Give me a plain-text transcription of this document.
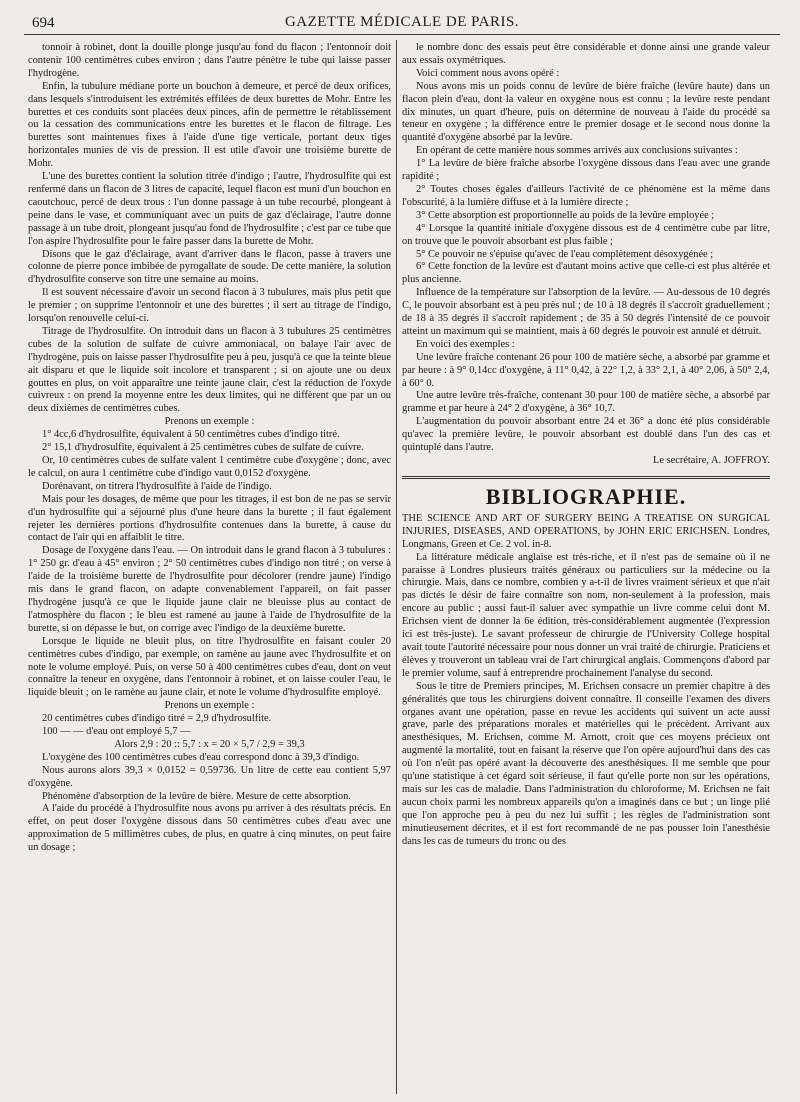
694	GAZETTE MÉDICALE DE PARIS.

tonnoir à robinet, dont la douille plonge jusqu'au fond du flacon ; l'entonnoir doit contenir 100 centimètres cubes environ ; dans l'autre pénètre le tube qui laisse passer l'hydrogène.

Enfin, la tubulure médiane porte un bouchon à demeure, et percé de deux orifices, dans lesquels s'introduisent les extrémités effilées de deux burettes de Mohr. Entre les burettes et ces conduits sont placées deux pinces, afin de permettre le rétablissement ou la cessation des communications entre les burettes et le flacon de filtrage. Les burettes sont maintenues fixes à l'aide d'une tige verticale, portant deux tiges horizontales munies de vis de pression. Il est utile d'avoir une troisième burette de Mohr.

L'une des burettes contient la solution titrée d'indigo ; l'autre, l'hydrosulfite qui est renfermé dans un flacon de 3 litres de capacité, lequel flacon est muni d'un bouchon en caoutchouc, percé de deux trous : l'un donne passage à un tube recourbé, plongeant à peine dans le vase, et communiquant avec un puits de gaz d'éclairage, l'autre donne passage à un tube droit, plongeant jusqu'au fond de l'hydrosulfite ; c'est par ce tube que l'on aspire l'hydrosulfite pour le faire passer dans la burette de Mohr.

Disons que le gaz d'éclairage, avant d'arriver dans le flacon, passe à travers une colonne de pierre ponce imbibée de pyrogallate de soude. De cette manière, la solution d'hydrosulfite conserve son titre une semaine au moins.

Il est souvent nécessaire d'avoir un second flacon à 3 tubulures, mais plus petit que le premier ; on supprime l'entonnoir et une des burettes ; il sert au titrage de l'indigo, lorsqu'on renouvelle celui-ci.

Titrage de l'hydrosulfite. On introduit dans un flacon à 3 tubulures 25 centimètres cubes de la solution de sulfate de cuivre ammoniacal, on balaye l'air avec de l'hydrogène, puis on laisse passer l'hydrosulfite peu à peu, jusqu'à ce que la teinte bleue ait disparu et que le liquide soit incolore et transparent ; si on ajoute une ou deux gouttes en plus, on voit apparaître une teinte jaune clair, c'est la réduction de l'oxyde cuivreux : on prend la moyenne entre les deux limites, qui ne diffèrent que par un ou deux dixièmes de centimètres cubes.

Prenons un exemple :

1° 4cc,6 d'hydrosulfite, équivalent à 50 centimètres cubes d'indigo titré.

2° 15,1 d'hydrosulfite, équivalent à 25 centimètres cubes de sulfate de cuivre.

Or, 10 centimètres cubes de sulfate valent 1 centimètre cube d'oxygène ; donc, avec le calcul, on aura 1 centimètre cube d'indigo vaut 0,0152 d'oxygène.

Dorénavant, on titrera l'hydrosulfite à l'aide de l'indigo.

Mais pour les dosages, de même que pour les titrages, il est bon de ne pas se servir d'un hydrosulfite qui a séjourné plus d'une heure dans la burette ; il faut également rejeter les dernières portions d'hydrosulfite contenues dans la burette, à cause du contact de l'air qui en affaiblit le titre.

Dosage de l'oxygène dans l'eau. — On introduit dans le grand flacon à 3 tubulures : 1° 250 gr. d'eau à 45° environ ; 2° 50 centimètres cubes d'indigo non titré ; on verse à l'aide de la troisième burette de l'hydrosulfite pour décolorer (rendre jaune) l'indigo mis dans le grand flacon, on adapte convenablement l'appareil, on fait passer l'hydrogène jusqu'à ce que le liquide jaune clair ne bleuisse plus au contact de l'atmosphère du flacon ; le bleu est ramené au jaune à l'aide de l'hydrosulfite de la burette, si on dépasse le but, on corrige avec l'indigo de la deuxième burette.

Lorsque le liquide ne bleuit plus, on titre l'hydrosulfite en faisant couler 20 centimètres cubes d'indigo, par exemple, on ramène au jaune avec l'hydrosulfite et on note le volume employé. Puis, on verse 50 à 400 centimètres cubes d'eau, dont on veut connaître la teneur en oxygène, dans l'entonnoir à robinet, et on laisse couler l'eau, le liquide bleuit ; on le ramène au jaune clair, et note le volume d'hydrosulfite employé.

Prenons un exemple :

20 centimètres cubes d'indigo titré = 2,9 d'hydrosulfite.

100 — — d'eau ont employé 5,7 —

Alors 2,9 : 20 :: 5,7 : x = 20 × 5,7 / 2,9 = 39,3

L'oxygène des 100 centimètres cubes d'eau correspond donc à 39,3 d'indigo.

Nous aurons alors 39,3 × 0,0152 = 0,59736. Un litre de cette eau contient 5,97 d'oxygène.

Phénomène d'absorption de la levûre de bière. Mesure de cette absorption.

A l'aide du procédé à l'hydrosulfite nous avons pu arriver à des résultats précis. En effet, on peut doser l'oxygène dissous dans 50 centimètres cubes d'eau avec une approximation de 5 millimètres cubes, de plus, en quatre à cinq minutes, on peut faire un dosage ;

le nombre donc des essais peut être considérable et donne ainsi une grande valeur aux essais oxymétriques.

Voici comment nous avons opéré :

Nous avons mis un poids connu de levûre de bière fraîche (levûre haute) dans un flacon plein d'eau, dont la valeur en oxygène nous est connu ; la levûre reste pendant dix minutes, un quart d'heure, puis on détermine de nouveau à l'aide du procédé sa teneur en oxygène ; la différence entre le premier dosage et le second nous donne la quantité d'oxygène absorbé par la levûre.

En opérant de cette manière nous sommes arrivés aux conclusions suivantes :

1° La levûre de bière fraîche absorbe l'oxygène dissous dans l'eau avec une grande rapidité ;

2° Toutes choses égales d'ailleurs l'activité de ce phénomène est la même dans l'obscurité, à la lumière diffuse et à la lumière directe ;

3° Cette absorption est proportionnelle au poids de la levûre employée ;

4° Lorsque la quantité initiale d'oxygène dissous est de 4 centimètre cube par litre, on trouve que le pouvoir absorbant est plus faible ;

5° Ce pouvoir ne s'épuise qu'avec de l'eau complètement désoxygénée ;

6° Cette fonction de la levûre est d'autant moins active que celle-ci est plus altérée et plus ancienne.

Influence de la température sur l'absorption de la levûre. — Au-dessous de 10 degrés C, le pouvoir absorbant est à peu près nul ; de 10 à 18 degrés il s'accroît graduellement ; de 18 à 35 degrés il s'accroît rapidement ; de 35 à 50 degrés l'intensité de ce pouvoir atteint un maximum qui se maintient, mais à 60 degrés le pouvoir est annulé et détruit.

En voici des exemples :

Une levûre fraîche contenant 26 pour 100 de matière sèche, a absorbé par gramme et par heure : à 9° 0,14cc d'oxygène, à 11° 0,42, à 22° 1,2, à 33° 2,1, à 40° 2,06, à 50° 2,4, à 60° 0.

Une autre levûre très-fraîche, contenant 30 pour 100 de matière sèche, a absorbé par gramme et par heure à 24° 2 d'oxygène, à 36° 10,7.

L'augmentation du pouvoir absorbant entre 24 et 36° a donc été plus considérable qu'avec la première levûre, le pouvoir absorbant est doublé dans l'un des cas et quintuplé dans l'autre.

Le secrétaire, A. JOFFROY.

BIBLIOGRAPHIE.

THE SCIENCE AND ART OF SURGERY BEING A TREATISE ON SURGICAL INJURIES, DISEASES, AND OPERATIONS, by JOHN ERIC ERICHSEN. Londres, Longmans, Green et Ce. 2 vol. in-8.

La littérature médicale anglaise est très-riche, et il n'est pas de semaine où il ne paraisse à Londres plusieurs traités généraux ou particuliers sur la médecine ou la chirurgie. Mais, dans ce nombre, combien y a-t-il de livres vraiment sérieux et que n'ait pas dictés le désir de faire connaître son nom, non-seulement à la profession, mais encore au public ; aussi faut-il saluer avec sympathie un livre comme celui dont M. Erichsen vient de donner la 6e édition, très-considérablement augmentée (l'expression ici est très-juste). Le savant professeur de chirurgie de l'University College hospital avait toute l'autorité nécessaire pour nous donner un vrai traité de chirurgie. Praticiens et élèves y trouveront un tableau vrai de l'art chirurgical anglais. Commençons d'abord par le premier volume, sauf à entreprendre prochainement l'analyse du second.

Sous le titre de Premiers principes, M. Erichsen consacre un premier chapitre à des généralités que tous les chirurgiens doivent connaître. Il conseille l'examen des divers organes avant une opération, passe en revue les accidents qui suivent un acte aussi grave, parle des préparations morales et matérielles qui le précèdent. Arrivant aux anesthésiques, M. Erichsen, comme M. Arnott, croit que ces moyens précieux ont augmenté la mortalité, tout en faisant la réserve que l'on opère aujourd'hui dans des cas où l'on n'eût pas opéré avant la découverte des anesthésiques. Il me semble que pour qu'une statistique à cet égard soit sérieuse, il faut qu'elle porte non sur les opérations, mais sur les cas de maladie. Dans l'administration du chloroforme, M. Erichsen ne fait aucun choix parmi les nombreux appareils qu'on a imaginés dans ce but ; un linge plié que l'on approche peu à peu du nez lui suffit ; les règles de l'administration sont minutieusement décrites, et il est fort recommandé de ne pas pousser loin l'anesthésie dans les cas de tumeurs du tronc ou des
